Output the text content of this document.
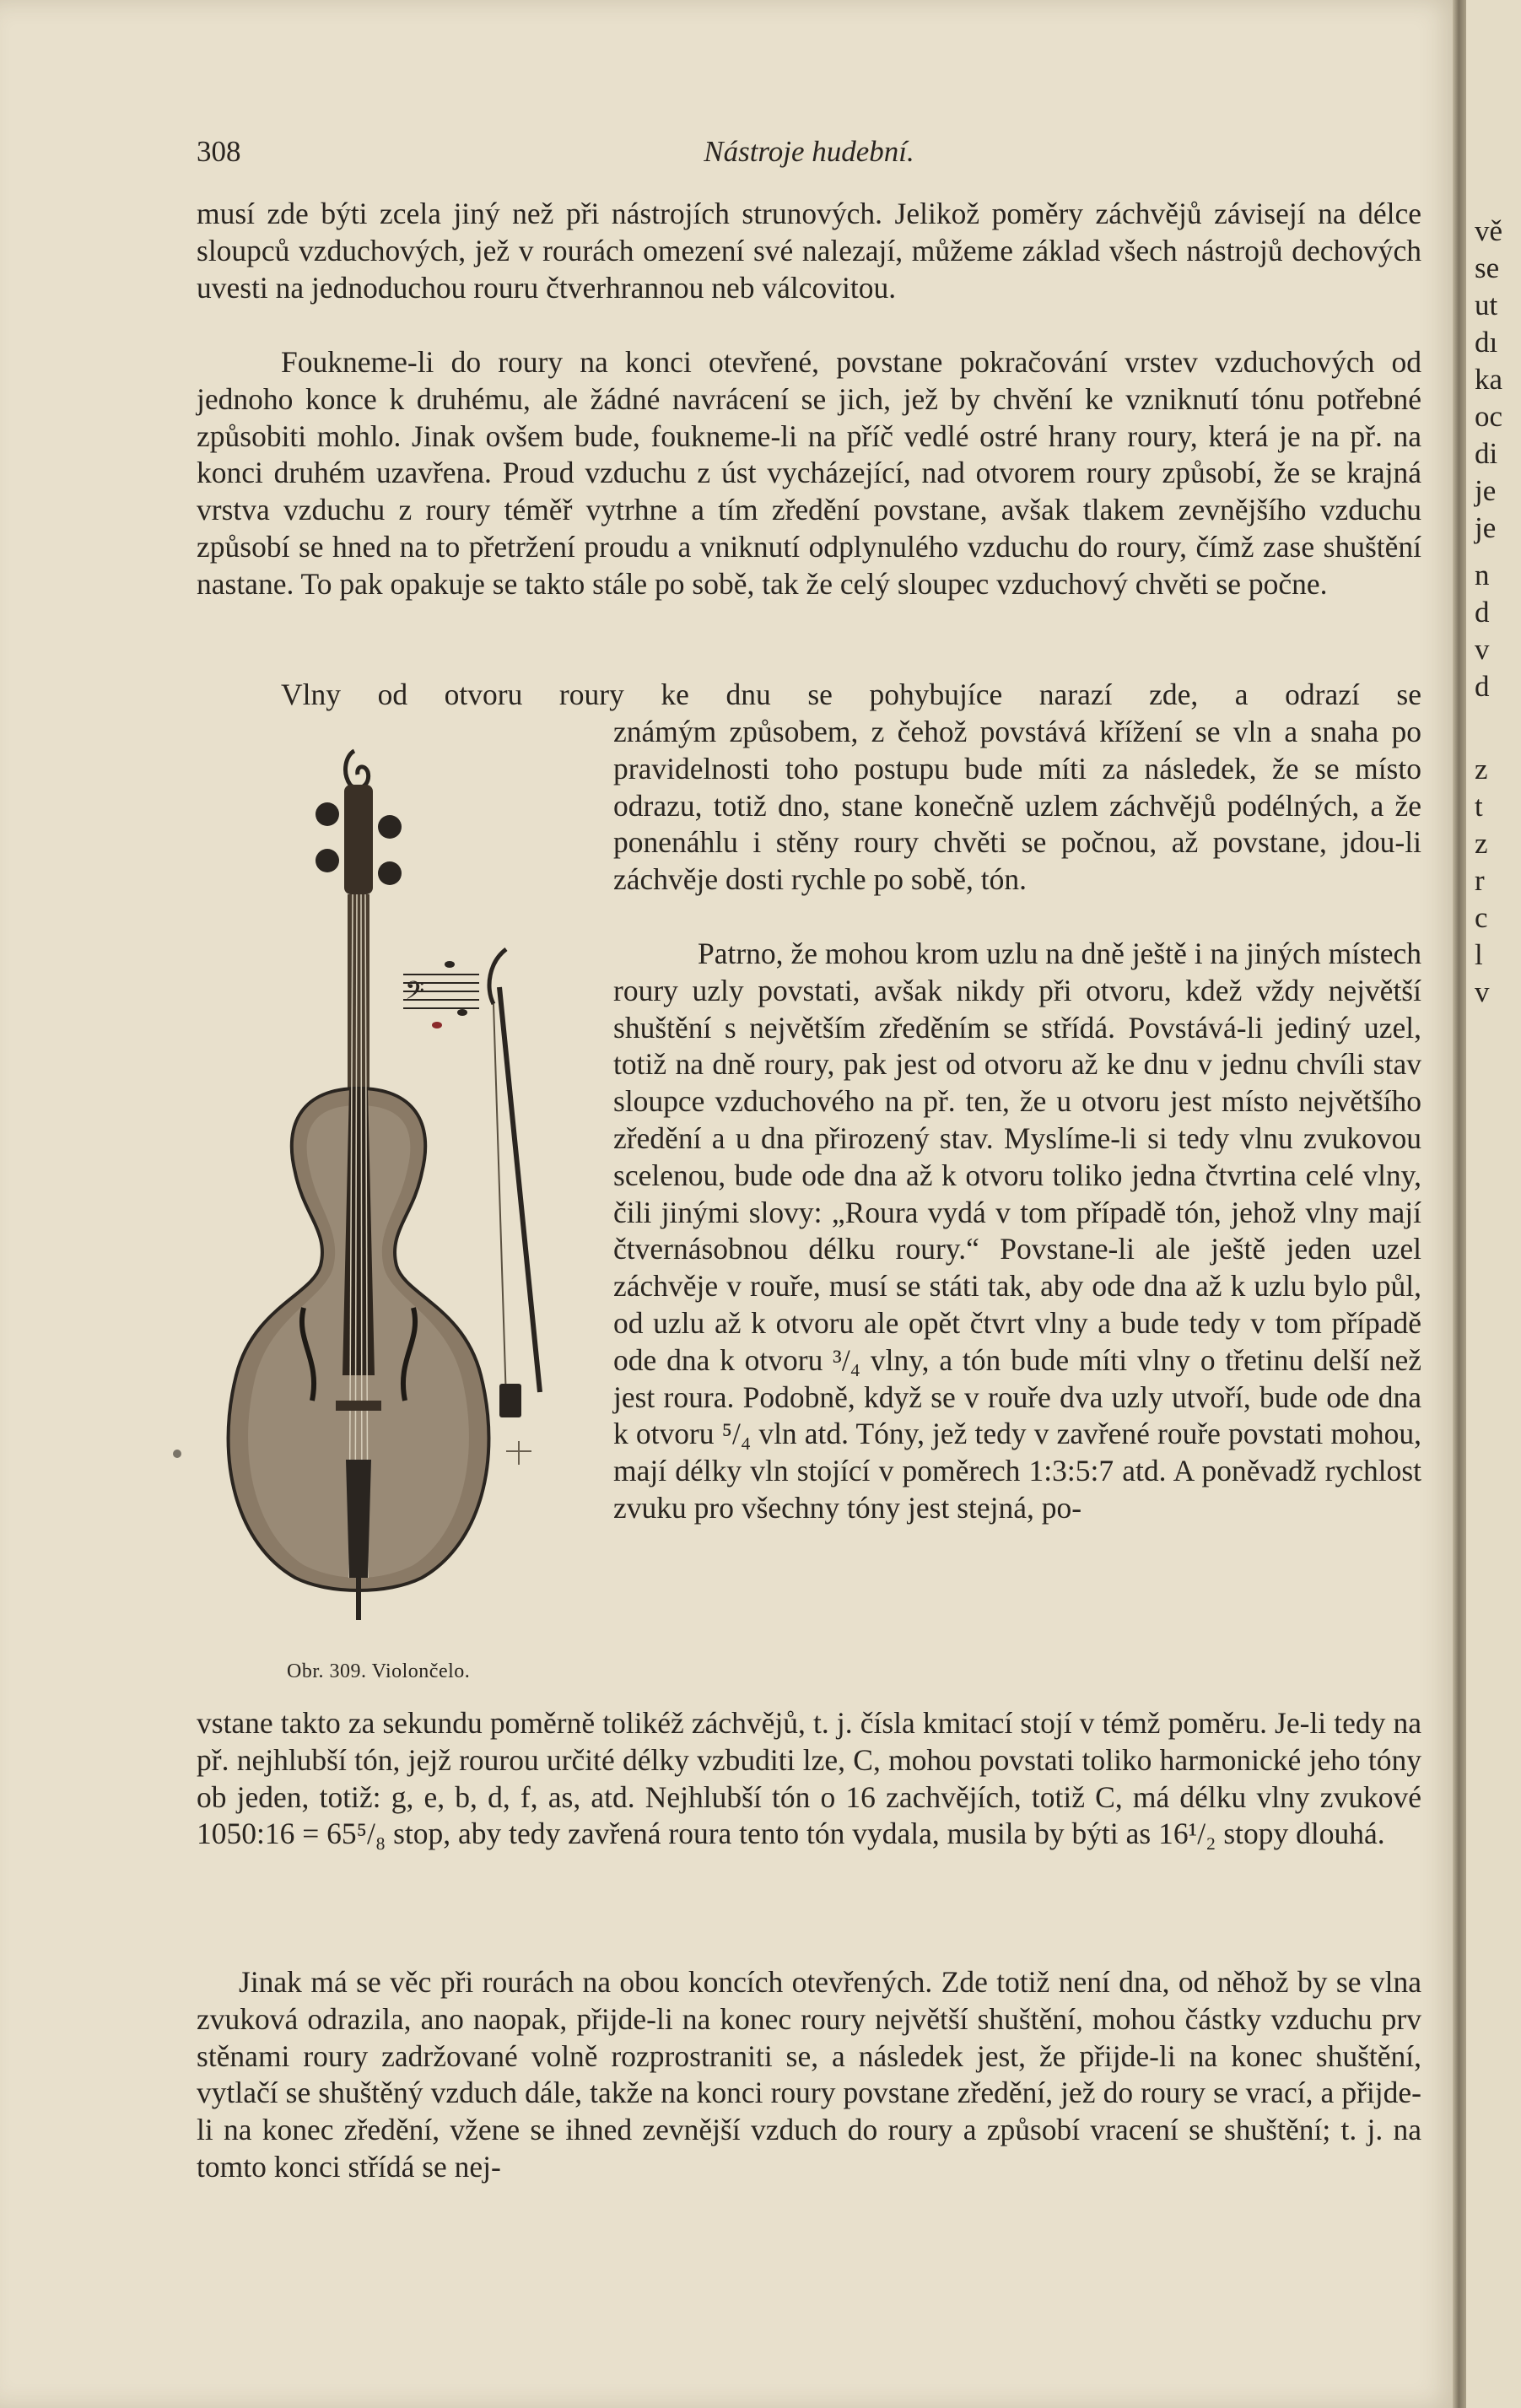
308	Nástroje hudební.

musí zde býti zcela jiný než při nástrojích strunových. Jelikož poměry záchvějů závisejí na délce sloupců vzduchových, jež v rourách omezení své nalezají, můžeme základ všech nástrojů dechových uvesti na jednoduchou rouru čtverhrannou neb válcovitou.

Foukneme-li do roury na konci otevřené, povstane pokračování vrstev vzduchových od jednoho konce k druhému, ale žádné navrácení se jich, jež by chvění ke vzniknutí tónu potřebné způsobiti mohlo. Jinak ovšem bude, foukneme-li na příč vedlé ostré hrany roury, která je na př. na konci druhém uzavřena. Proud vzduchu z úst vycházející, nad otvorem roury způsobí, že se krajná vrstva vzduchu z roury téměř vytrhne a tím zředění povstane, avšak tlakem zevnějšího vzduchu způsobí se hned na to přetržení proudu a vniknutí odplynulého vzduchu do roury, čímž zase shuštění nastane. To pak opakuje se takto stále po sobě, tak že celý sloupec vzduchový chvěti se počne.

Vlny od otvoru roury ke dnu se pohybujíce narazí zde, a odrazí se

známým způsobem, z čehož povstává křížení se vln a snaha po pravidelnosti toho postupu bude míti za následek, že se místo odrazu, totiž dno, stane konečně uzlem záchvějů podélných, a že ponenáhlu i stěny roury chvěti se počnou, až povstane, jdou-li záchvěje dosti rychle po sobě, tón.

Patrno, že mohou krom uzlu na dně ještě i na jiných místech roury uzly povstati, avšak nikdy při otvoru, kdež vždy největší shuštění s největším zředěním se střídá. Povstává-li jediný uzel, totiž na dně roury, pak jest od otvoru až ke dnu v jednu chvíli stav sloupce vzduchového na př. ten, že u otvoru jest místo největšího zředění a u dna přirozený stav. Myslíme-li si tedy vlnu zvukovou scelenou, bude ode dna až k otvoru toliko jedna čtvrtina celé vlny, čili jinými slovy: „Roura vydá v tom případě tón, jehož vlny mají čtvernásobnou délku roury.“ Povstane-li ale ještě jeden uzel záchvěje v rouře, musí se státi tak, aby ode dna až k uzlu bylo půl, od uzlu až k otvoru ale opět čtvrt vlny a bude tedy v tom případě ode dna k otvoru ³/₄ vlny, a tón bude míti vlny o třetinu delší než jest roura. Podobně, když se v rouře dva uzly utvoří, bude ode dna k otvoru ⁵/₄ vln atd. Tóny, jež tedy v zavřené rouře povstati mohou, mají délky vln stojící v poměrech 1:3:5:7 atd. A poněvadž rychlost zvuku pro všechny tóny jest stejná, po-

vstane takto za sekundu poměrně tolikéž záchvějů, t. j. čísla kmitací stojí v témž poměru. Je-li tedy na př. nejhlubší tón, jejž rourou určité délky vzbuditi lze, C, mohou povstati toliko harmonické jeho tóny ob jeden, totiž: g, e, b, d, f, as, atd. Nejhlubší tón o 16 zachvějích, totiž C, má délku vlny zvukové 1050:16 = 65⁵/₈ stop, aby tedy zavřená roura tento tón vydala, musila by býti as 16¹/₂ stopy dlouhá.

Jinak má se věc při rourách na obou koncích otevřených. Zde totiž není dna, od něhož by se vlna zvuková odrazila, ano naopak, přijde-li na konec roury největší shuštění, mohou částky vzduchu prv stěnami roury zadržované volně rozprostraniti se, a následek jest, že přijde-li na konec shuštění, vytlačí se shuštěný vzduch dále, takže na konci roury povstane zředění, jež do roury se vrací, a přijde-li na konec zředění, vžene se ihned zevnější vzduch do roury a způsobí vracení se shuštění; t. j. na tomto konci střídá se nej-

𝄢
Obr. 309. Violončelo.
vě
se
ut
dı
ka
oc
di
je
je
n
d
v
d
z
t
z
r
c
l
v
